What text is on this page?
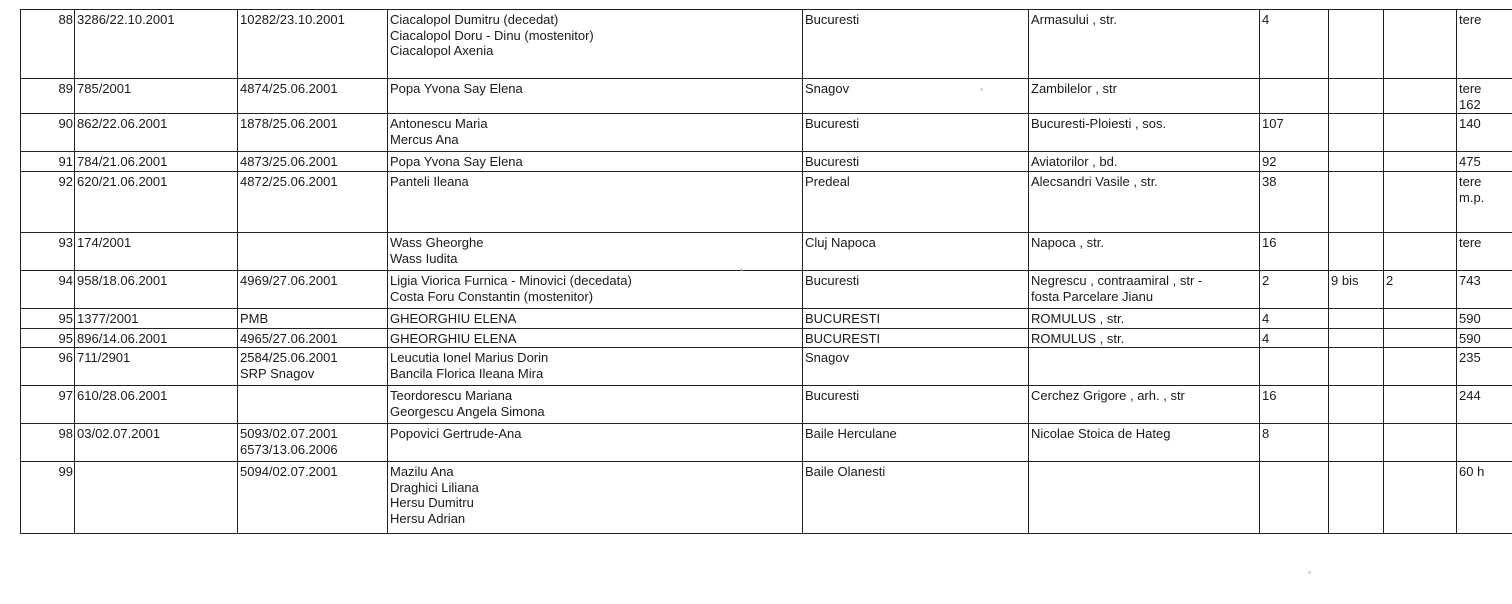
88	3286/22.10.2001	10282/23.10.2001	Ciacalopol Dumitru (decedat)
Ciacalopol Doru - Dinu (mostenitor)
Ciacalopol Axenia	Bucuresti	Armasului , str.	4			tere

89	785/2001	4874/25.06.2001	Popa Yvona Say Elena	Snagov	Zambilelor , str				tere
162

90	862/22.06.2001	1878/25.06.2001	Antonescu Maria
Mercus Ana	Bucuresti	Bucuresti-Ploiesti , sos.	107			140

91	784/21.06.2001	4873/25.06.2001	Popa Yvona Say Elena	Bucuresti	Aviatorilor , bd.	92			475

92	620/21.06.2001	4872/25.06.2001	Panteli Ileana	Predeal	Alecsandri Vasile , str.	38			tere
m.p.

93	174/2001		Wass Gheorghe
Wass Iudita	Cluj Napoca	Napoca , str.	16			tere

94	958/18.06.2001	4969/27.06.2001	Ligia Viorica Furnica - Minovici (decedata)
Costa Foru Constantin (mostenitor)	Bucuresti	Negrescu , contraamiral , str -
fosta Parcelare Jianu	2	9 bis	2	743

95	1377/2001	PMB	GHEORGHIU ELENA	BUCURESTI	ROMULUS , str.	4			590

95	896/14.06.2001	4965/27.06.2001	GHEORGHIU ELENA	BUCURESTI	ROMULUS , str.	4			590

96	711/2901	2584/25.06.2001
SRP Snagov	Leucutia Ionel Marius Dorin
Bancila Florica Ileana Mira	Snagov					235

97	610/28.06.2001		Teordorescu Mariana
Georgescu Angela Simona	Bucuresti	Cerchez Grigore , arh. , str	16			244

98	03/02.07.2001	5093/02.07.2001
6573/13.06.2006	Popovici Gertrude-Ana	Baile Herculane	Nicolae Stoica de Hateg	8			

99		5094/02.07.2001	Mazilu Ana
Draghici Liliana
Hersu Dumitru
Hersu Adrian	Baile Olanesti					60 h
